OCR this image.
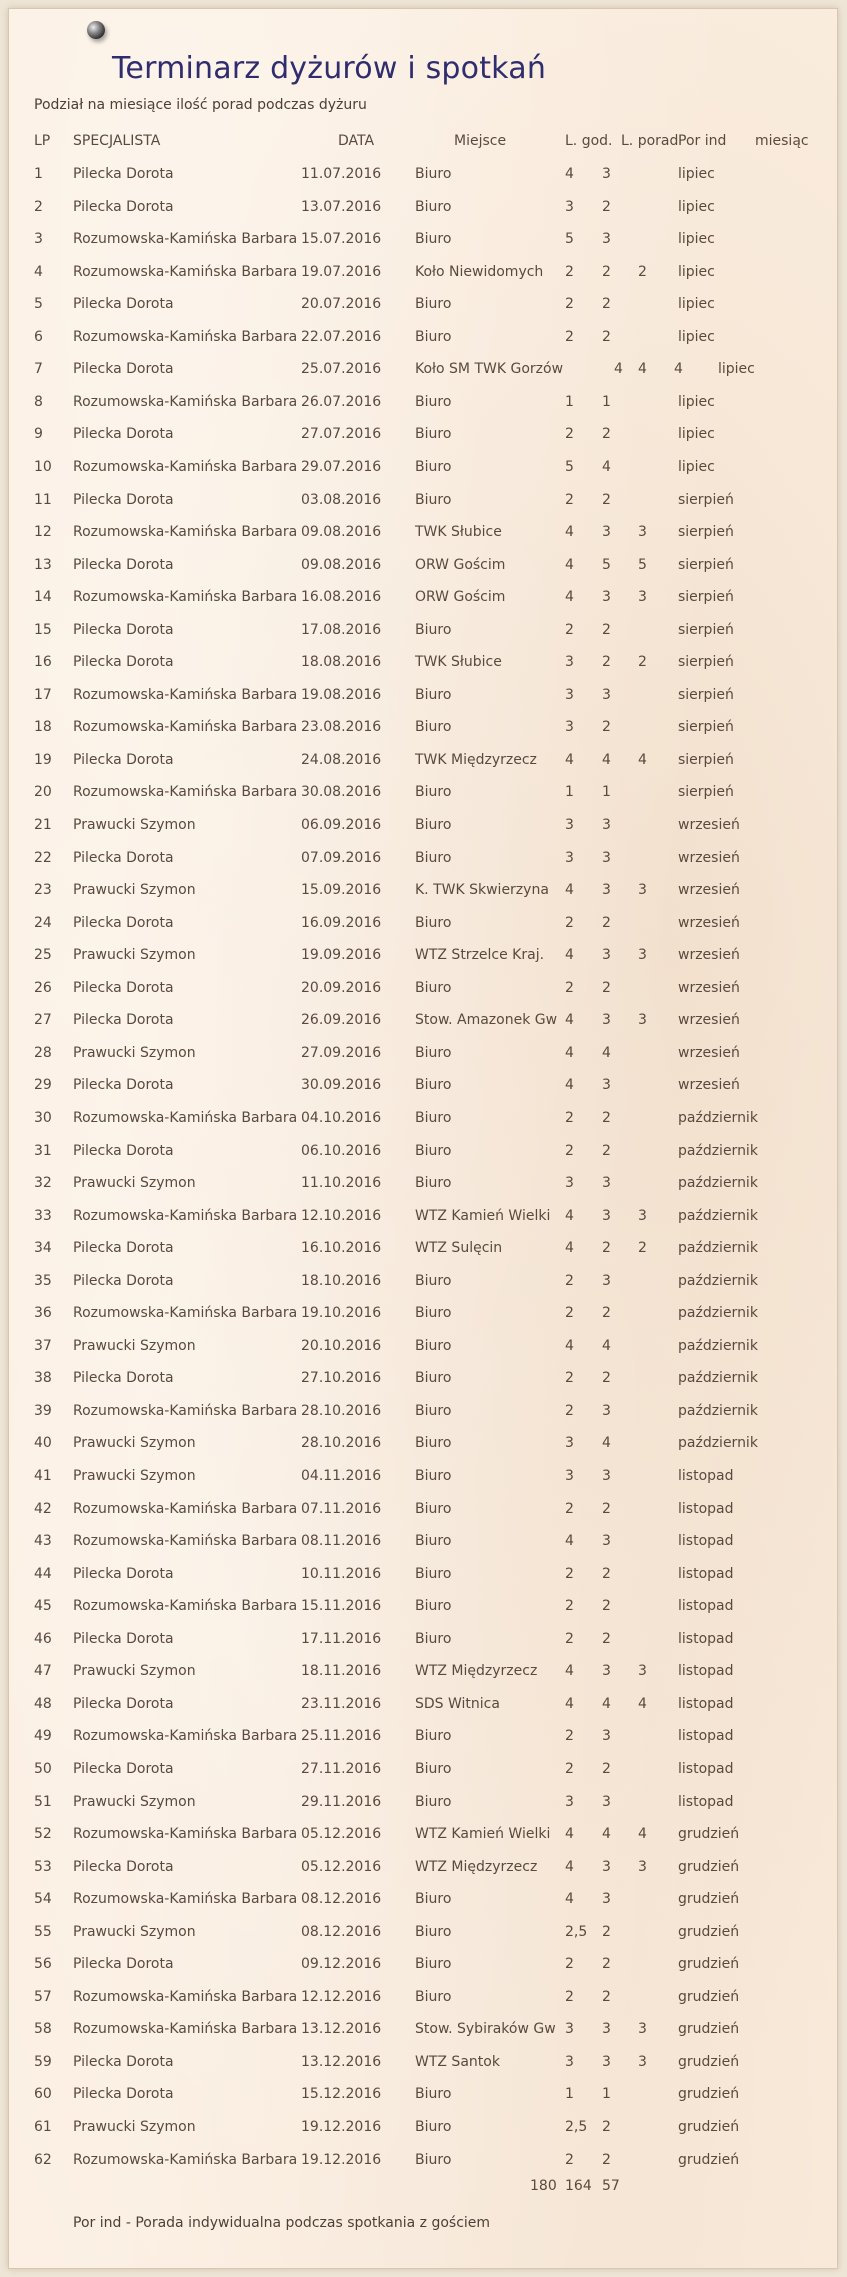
Terminarz dyżurów i spotkań
Podział na miesiące ilość porad podczas dyżuru
LP SPECJALISTA	DATA	Miejsce	L. god. L. porad Por ind miesiąc
1 Pilecka Dorota	11.07.2016 Biuro	4 3	lipiec
2 Pilecka Dorota	13.07.2016 Biuro	3 2	lipiec
3 Rozumowska-Kamińska Barbara 15.07.2016 Biuro	5 3	lipiec
4 Rozumowska-Kamińska Barbara 19.07.2016 Koło Niewidomych 2 2 2 lipiec
5 Pilecka Dorota	20.07.2016 Biuro	2 2	lipiec
6 Rozumowska-Kamińska Barbara 22.07.2016 Biuro	2 2	lipiec
7 Pilecka Dorota	25.07.2016 Koło SM TWK Gorzów	4 4 4	lipiec
8 Rozumowska-Kamińska Barbara 26.07.2016 Biuro	1 1	lipiec
9 Pilecka Dorota	27.07.2016 Biuro	2 2	lipiec
10 Rozumowska-Kamińska Barbara 29.07.2016 Biuro	5 4	lipiec
11 Pilecka Dorota	03.08.2016 Biuro	2 2	sierpień
12 Rozumowska-Kamińska Barbara 09.08.2016 TWK Słubice	4 3 3 sierpień
13 Pilecka Dorota	09.08.2016 ORW Gościm	4 5 5 sierpień
14 Rozumowska-Kamińska Barbara 16.08.2016 ORW Gościm	4 3 3 sierpień
15 Pilecka Dorota	17.08.2016 Biuro	2 2	sierpień
16 Pilecka Dorota	18.08.2016 TWK Słubice	3 2 2 sierpień
17 Rozumowska-Kamińska Barbara 19.08.2016 Biuro	3 3	sierpień
18 Rozumowska-Kamińska Barbara 23.08.2016 Biuro	3 2	sierpień
19 Pilecka Dorota	24.08.2016 TWK Międzyrzecz 4 4 4 sierpień
20 Rozumowska-Kamińska Barbara 30.08.2016 Biuro	1 1	sierpień
21 Prawucki Szymon	06.09.2016 Biuro	3 3	wrzesień
22 Pilecka Dorota	07.09.2016 Biuro	3 3	wrzesień
23 Prawucki Szymon	15.09.2016 K. TWK Skwierzyna 4 3 3 wrzesień
24 Pilecka Dorota	16.09.2016 Biuro	2 2	wrzesień
25 Prawucki Szymon	19.09.2016 WTZ Strzelce Kraj. 4 3 3 wrzesień
26 Pilecka Dorota	20.09.2016 Biuro	2 2	wrzesień
27 Pilecka Dorota	26.09.2016 Stow. Amazonek Gw 4 3 3 wrzesień
28 Prawucki Szymon	27.09.2016 Biuro	4 4	wrzesień
29 Pilecka Dorota	30.09.2016 Biuro	4 3	wrzesień
30 Rozumowska-Kamińska Barbara 04.10.2016 Biuro	2 2	październik
31 Pilecka Dorota	06.10.2016 Biuro	2 2	październik
32 Prawucki Szymon	11.10.2016 Biuro	3 3	październik
33 Rozumowska-Kamińska Barbara 12.10.2016 WTZ Kamień Wielki 4 3 3 październik
34 Pilecka Dorota	16.10.2016 WTZ Sulęcin	4 2 2 październik
35 Pilecka Dorota	18.10.2016 Biuro	2 3	październik
36 Rozumowska-Kamińska Barbara 19.10.2016 Biuro	2 2	październik
37 Prawucki Szymon	20.10.2016 Biuro	4 4	październik
38 Pilecka Dorota	27.10.2016 Biuro	2 2	październik
39 Rozumowska-Kamińska Barbara 28.10.2016 Biuro	2 3	październik
40 Prawucki Szymon	28.10.2016 Biuro	3 4	październik
41 Prawucki Szymon	04.11.2016 Biuro	3 3	listopad
42 Rozumowska-Kamińska Barbara 07.11.2016 Biuro	2 2	listopad
43 Rozumowska-Kamińska Barbara 08.11.2016 Biuro	4 3	listopad
44 Pilecka Dorota	10.11.2016 Biuro	2 2	listopad
45 Rozumowska-Kamińska Barbara 15.11.2016 Biuro	2 2	listopad
46 Pilecka Dorota	17.11.2016 Biuro	2 2	listopad
47 Prawucki Szymon	18.11.2016 WTZ Międzyrzecz 4 3 3 listopad
48 Pilecka Dorota	23.11.2016 SDS Witnica	4 4 4 listopad
49 Rozumowska-Kamińska Barbara 25.11.2016 Biuro	2 3	listopad
50 Pilecka Dorota	27.11.2016 Biuro	2 2	listopad
51 Prawucki Szymon	29.11.2016 Biuro	3 3	listopad
52 Rozumowska-Kamińska Barbara 05.12.2016 WTZ Kamień Wielki 4 4 4 grudzień
53 Pilecka Dorota	05.12.2016 WTZ Międzyrzecz 4 3 3 grudzień
54 Rozumowska-Kamińska Barbara 08.12.2016 Biuro	4 3	grudzień
55 Prawucki Szymon	08.12.2016 Biuro	2,5 2	grudzień
56 Pilecka Dorota	09.12.2016 Biuro	2 2	grudzień
57 Rozumowska-Kamińska Barbara 12.12.2016 Biuro	2 2	grudzień
58 Rozumowska-Kamińska Barbara 13.12.2016 Stow. Sybiraków Gw 3 3 3 grudzień
59 Pilecka Dorota	13.12.2016 WTZ Santok	3 3 3 grudzień
60 Pilecka Dorota	15.12.2016 Biuro	1 1	grudzień
61 Prawucki Szymon	19.12.2016 Biuro	2,5 2	grudzień
62 Rozumowska-Kamińska Barbara 19.12.2016 Biuro	2 2	grudzień
180 164 57
Por ind - Porada indywidualna podczas spotkania z gościem
